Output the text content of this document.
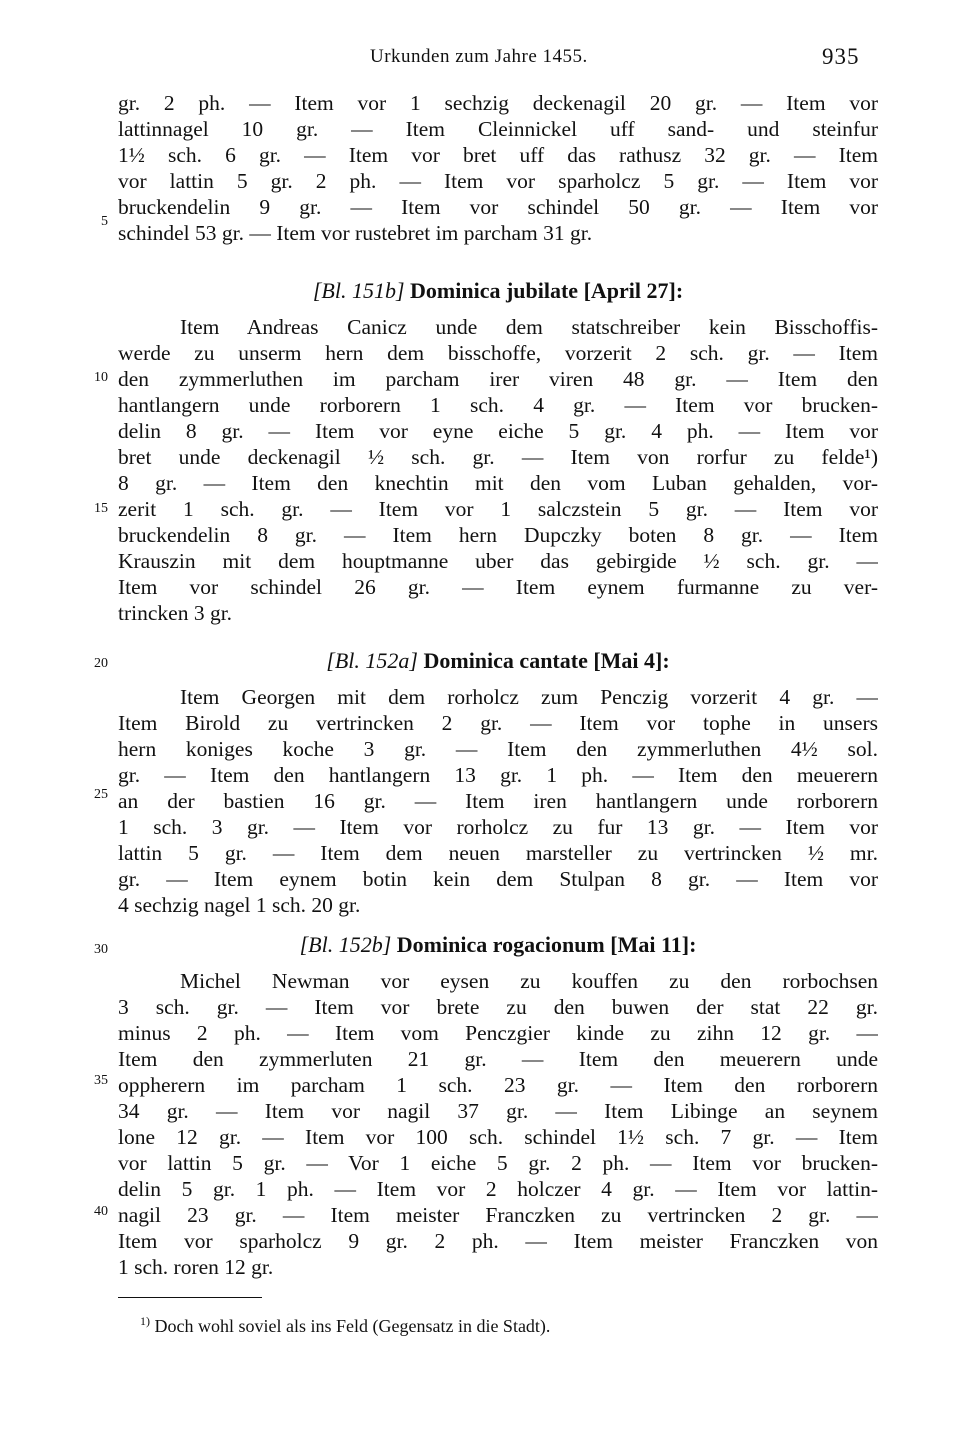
Urkunden zum Jahre 1455.	935
gr. 2 ph. — Item vor 1 sechzig deckenagil 20 gr. — Item vor
lattinnagel 10 gr. — Item Cleinnickel uff sand- und steinfur
1½ sch. 6 gr. — Item vor bret uff das rathusz 32 gr. — Item
vor lattin 5 gr. 2 ph. — Item vor sparholcz 5 gr. — Item vor
bruckendelin 9 gr. — Item vor schindel 50 gr. — Item vor
schindel 53 gr. — Item vor rustebret im parcham 31 gr.
[Bl. 151b] Dominica jubilate [April 27]:
Item Andreas Canicz unde dem statschreiber kein Bisschoffis-
werde zu unserm hern dem bisschoffe, vorzerit 2 sch. gr. — Item
den zymmerluthen im parcham irer viren 48 gr. — Item den
hantlangern unde rorborern 1 sch. 4 gr. — Item vor brucken-
delin 8 gr. — Item vor eyne eiche 5 gr. 4 ph. — Item vor
bret unde deckenagil ½ sch. gr. — Item von rorfur zu felde¹)
8 gr. — Item den knechtin mit den vom Luban gehalden, vor-
zerit 1 sch. gr. — Item vor 1 salczstein 5 gr. — Item vor
bruckendelin 8 gr. — Item hern Dupczky boten 8 gr. — Item
Krauszin mit dem houptmanne uber das gebirgide ½ sch. gr. —
Item vor schindel 26 gr. — Item eynem furmanne zu ver-
trincken 3 gr.
[Bl. 152a] Dominica cantate [Mai 4]:
Item Georgen mit dem rorholcz zum Penczig vorzerit 4 gr. —
Item Birold zu vertrincken 2 gr. — Item vor tophe in unsers
hern koniges koche 3 gr. — Item den zymmerluthen 4½ sol.
gr. — Item den hantlangern 13 gr. 1 ph. — Item den meuerern
an der bastien 16 gr. — Item iren hantlangern unde rorborern
1 sch. 3 gr. — Item vor rorholcz zu fur 13 gr. — Item vor
lattin 5 gr. — Item dem neuen marsteller zu vertrincken ½ mr.
gr. — Item eynem botin kein dem Stulpan 8 gr. — Item vor
4 sechzig nagel 1 sch. 20 gr.
[Bl. 152b] Dominica rogacionum [Mai 11]:
Michel Newman vor eysen zu kouffen zu den rorbochsen
3 sch. gr. — Item vor brete zu den buwen der stat 22 gr.
minus 2 ph. — Item vom Penczgier kinde zu zihn 12 gr. —
Item den zymmerluten 21 gr. — Item den meuerern unde
oppherern im parcham 1 sch. 23 gr. — Item den rorborern
34 gr. — Item vor nagil 37 gr. — Item Libinge an seynem
lone 12 gr. — Item vor 100 sch. schindel 1½ sch. 7 gr. — Item
vor lattin 5 gr. — Vor 1 eiche 5 gr. 2 ph. — Item vor brucken-
delin 5 gr. 1 ph. — Item vor 2 holczer 4 gr. — Item vor lattin-
nagil 23 gr. — Item meister Franczken zu vertrincken 2 gr. —
Item vor sparholcz 9 gr. 2 ph. — Item meister Franczken von
1 sch. roren 12 gr.
5
10
15
20
25
30
35
40
$^{1)}$ Doch wohl soviel als ins Feld (Gegensatz in die Stadt).
